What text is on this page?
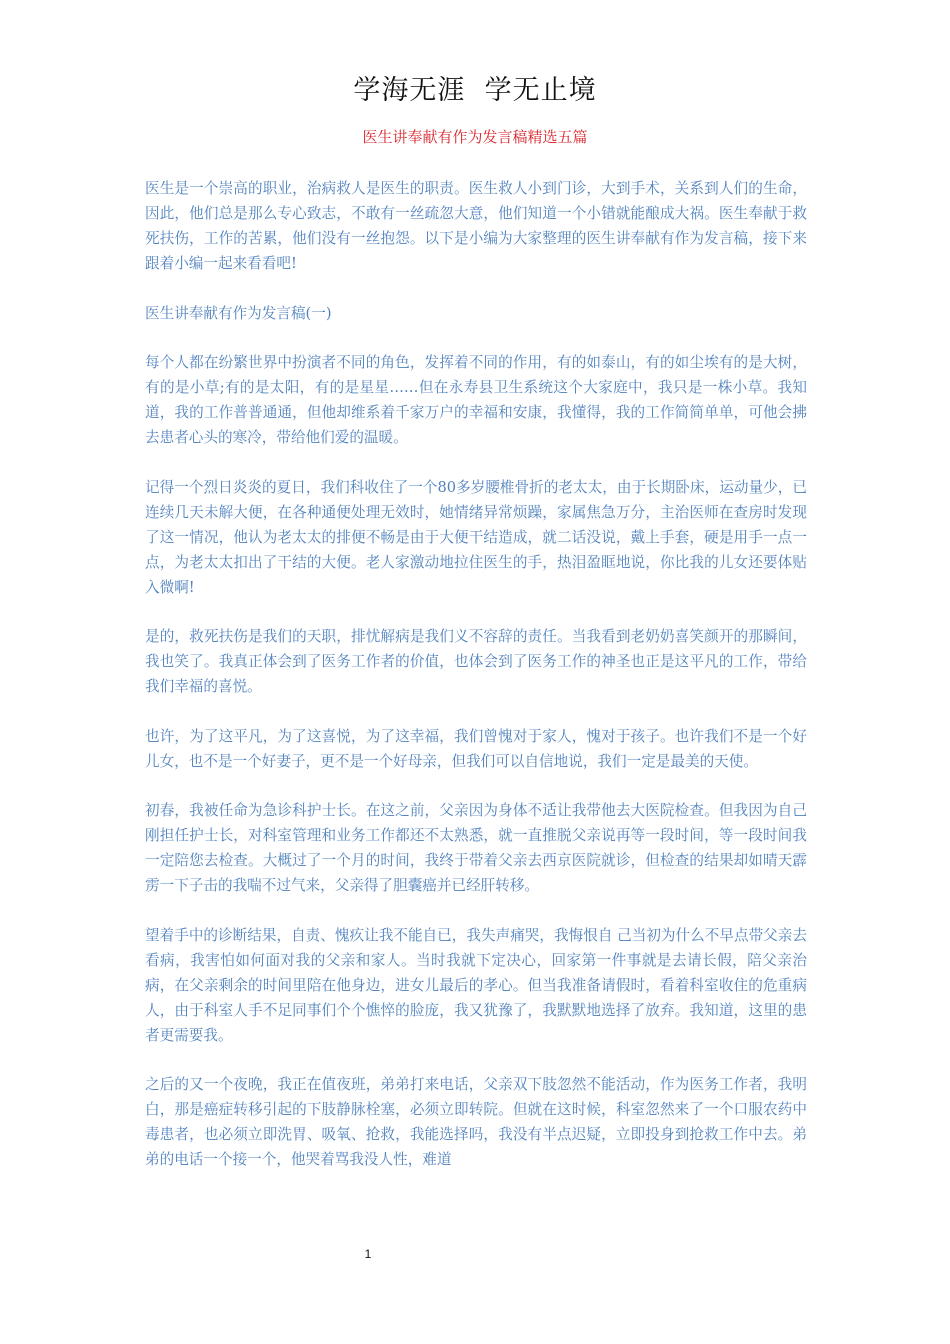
学海无涯  学无止境
医生讲奉献有作为发言稿精选五篇

医生是一个崇高的职业，治病救人是医生的职责。医生救人小到门诊，大到手术，关系到人们的生命，因此，他们总是那么专心致志，不敢有一丝疏忽大意，他们知道一个小错就能酿成大祸。医生奉献于救死扶伤，工作的苦累，他们没有一丝抱怨。以下是小编为大家整理的医生讲奉献有作为发言稿，接下来跟着小编一起来看看吧!

医生讲奉献有作为发言稿(一)

每个人都在纷繁世界中扮演者不同的角色，发挥着不同的作用，有的如泰山，有的如尘埃有的是大树，有的是小草;有的是太阳，有的是星星……但在永寿县卫生系统这个大家庭中，我只是一株小草。我知道，我的工作普普通通，但他却维系着千家万户的幸福和安康，我懂得，我的工作简简单单，可他会拂去患者心头的寒冷，带给他们爱的温暖。

记得一个烈日炎炎的夏日，我们科收住了一个80多岁腰椎骨折的老太太，由于长期卧床，运动量少，已连续几天未解大便，在各种通便处理无效时，她情绪异常烦躁，家属焦急万分，主治医师在查房时发现了这一情况，他认为老太太的排便不畅是由于大便干结造成，就二话没说，戴上手套，硬是用手一点一点，为老太太扣出了干结的大便。老人家激动地拉住医生的手，热泪盈眶地说，你比我的儿女还要体贴入微啊!

是的，救死扶伤是我们的天职，排忧解病是我们义不容辞的责任。当我看到老奶奶喜笑颜开的那瞬间，我也笑了。我真正体会到了医务工作者的价值，也体会到了医务工作的神圣也正是这平凡的工作，带给我们幸福的喜悦。

也许，为了这平凡，为了这喜悦，为了这幸福，我们曾愧对于家人，愧对于孩子。也许我们不是一个好儿女，也不是一个好妻子，更不是一个好母亲，但我们可以自信地说，我们一定是最美的天使。

初春，我被任命为急诊科护士长。在这之前，父亲因为身体不适让我带他去大医院检查。但我因为自己刚担任护士长，对科室管理和业务工作都还不太熟悉，就一直推脱父亲说再等一段时间，等一段时间我一定陪您去检查。大概过了一个月的时间，我终于带着父亲去西京医院就诊，但检查的结果却如晴天霹雳一下子击的我喘不过气来，父亲得了胆囊癌并已经肝转移。

望着手中的诊断结果，自责、愧疚让我不能自已，我失声痛哭，我悔恨自 己当初为什么不早点带父亲去看病，我害怕如何面对我的父亲和家人。当时我就下定决心，回家第一件事就是去请长假，陪父亲治病，在父亲剩余的时间里陪在他身边，进女儿最后的孝心。但当我准备请假时，看着科室收住的危重病人，由于科室人手不足同事们个个憔悴的脸庞，我又犹豫了，我默默地选择了放弃。我知道，这里的患者更需要我。

之后的又一个夜晚，我正在值夜班，弟弟打来电话，父亲双下肢忽然不能活动，作为医务工作者，我明白，那是癌症转移引起的下肢静脉栓塞，必须立即转院。但就在这时候，科室忽然来了一个口服农药中毒患者，也必须立即洗胃、吸氧、抢救，我能选择吗，我没有半点迟疑，立即投身到抢救工作中去。弟弟的电话一个接一个，他哭着骂我没人性，难道

1
